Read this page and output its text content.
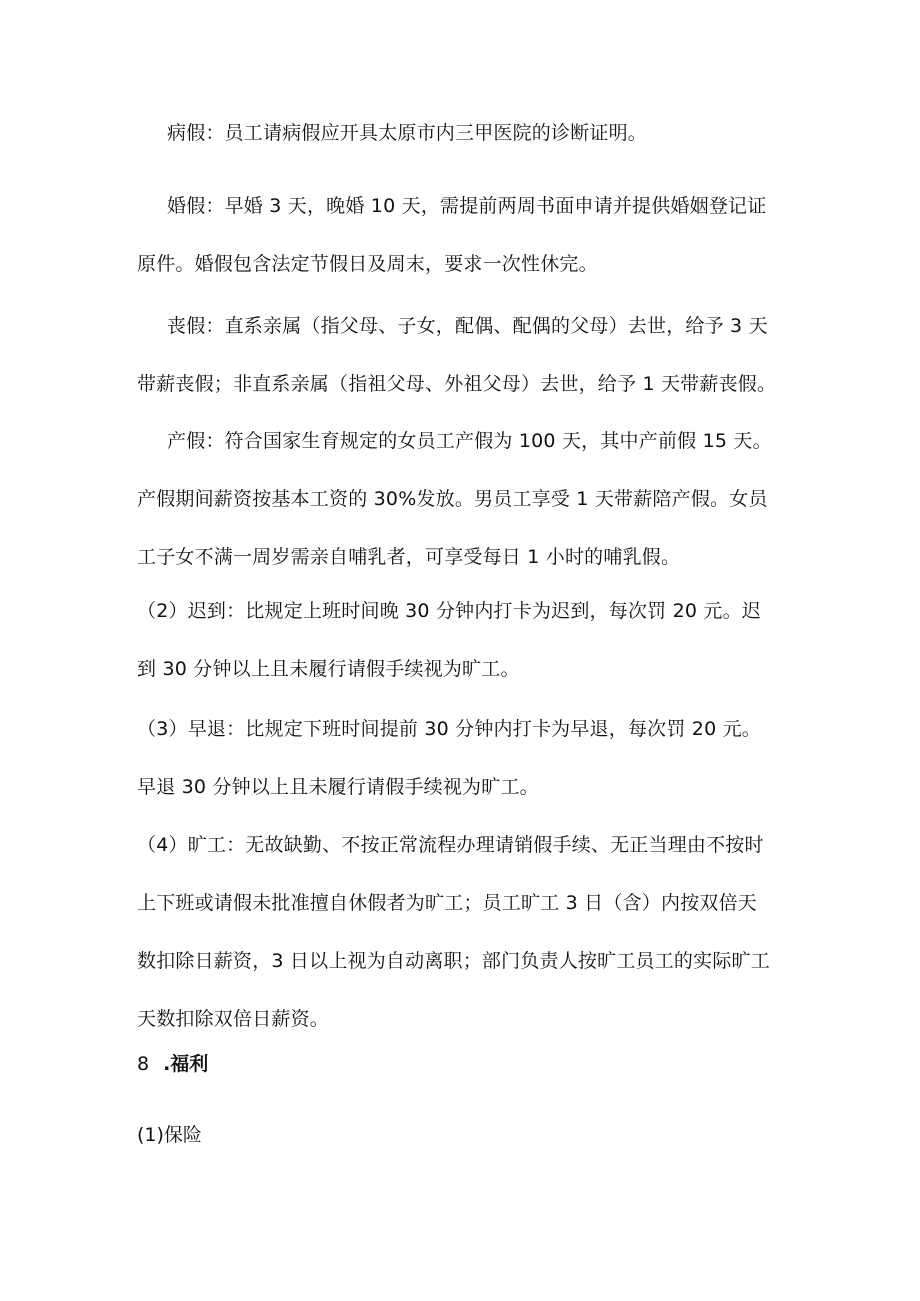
病假：员工请病假应开具太原市内三甲医院的诊断证明。
婚假：早婚 3 天，晚婚 10 天，需提前两周书面申请并提供婚姻登记证
原件。婚假包含法定节假日及周末，要求一次性休完。
丧假：直系亲属（指父母、子女，配偶、配偶的父母）去世，给予 3 天
带薪丧假；非直系亲属（指祖父母、外祖父母）去世，给予 1 天带薪丧假。
产假：符合国家生育规定的女员工产假为 100 天，其中产前假 15 天。
产假期间薪资按基本工资的 30%发放。男员工享受 1 天带薪陪产假。女员
工子女不满一周岁需亲自哺乳者，可享受每日 1 小时的哺乳假。
（2）迟到：比规定上班时间晚 30 分钟内打卡为迟到，每次罚 20 元。迟
到 30 分钟以上且未履行请假手续视为旷工。
（3）早退：比规定下班时间提前 30 分钟内打卡为早退，每次罚 20 元。
早退 30 分钟以上且未履行请假手续视为旷工。
（4）旷工：无故缺勤、不按正常流程办理请销假手续、无正当理由不按时
上下班或请假未批准擅自休假者为旷工；员工旷工 3 日（含）内按双倍天
数扣除日薪资，3 日以上视为自动离职；部门负责人按旷工员工的实际旷工
天数扣除双倍日薪资。
8 .福利
(1)保险
